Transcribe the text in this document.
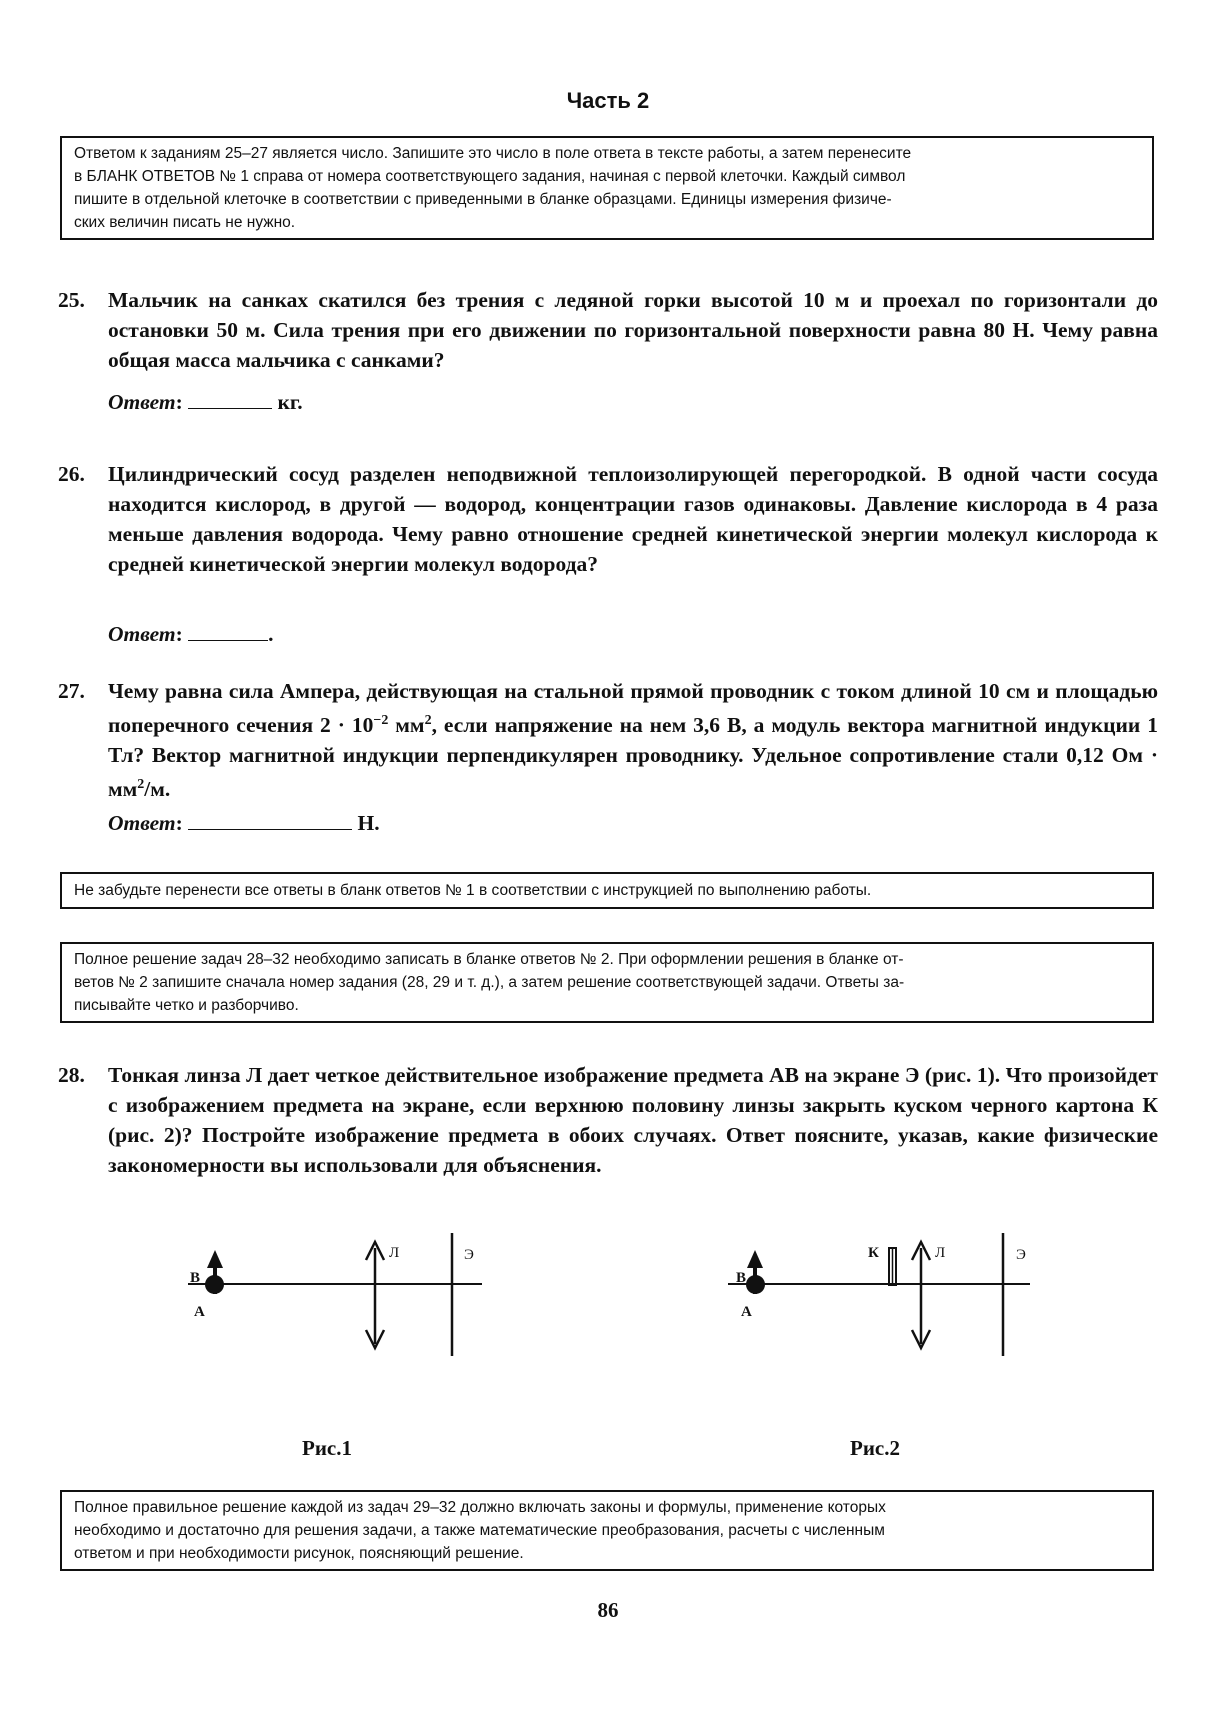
Часть 2
Ответом к заданиям 25–27 является число. Запишите это число в поле ответа в тексте работы, а затем перенесите
в БЛАНК ОТВЕТОВ № 1 справа от номера соответствующего задания, начиная с первой клеточки. Каждый символ
пишите в отдельной клеточке в соответствии с приведенными в бланке образцами. Единицы измерения физиче-
ских величин писать не нужно.
25. Мальчик на санках скатился без трения с ледяной горки высотой 10 м и проехал по горизонтали до остановки 50 м. Сила трения при его движении по горизонтальной поверхности равна 80 Н. Чему равна общая масса мальчика с санками?
Ответ:	кг.
26. Цилиндрический сосуд разделен неподвижной теплоизолирующей перегородкой. В одной части сосуда находится кислород, в другой — водород, концентрации газов одинаковы. Давление кислорода в 4 раза меньше давления водорода. Чему равно отношение средней кинетической энергии молекул кислорода к средней кинетической энергии молекул водорода?
Ответ:	.
27. Чему равна сила Ампера, действующая на стальной прямой проводник с током длиной 10 см и площадью поперечного сечения $2 \cdot 10^{-2}$ $мм^2$, если напряжение на нем 3,6 В, а модуль вектора магнитной индукции 1 Тл? Вектор магнитной индукции перпендикулярен проводнику. Удельное сопротивление стали 0,12 Ом · $мм^2/м$.
Ответ:	Н.
Не забудьте перенести все ответы в бланк ответов № 1 в соответствии с инструкцией по выполнению работы.
Полное решение задач 28–32 необходимо записать в бланке ответов № 2. При оформлении решения в бланке от-
ветов № 2 запишите сначала номер задания (28, 29 и т. д.), а затем решение соответствующей задачи. Ответы за-
писывайте четко и разборчиво.
28. Тонкая линза Л дает четкое действительное изображение предмета АВ на экране Э (рис. 1). Что произойдет с изображением предмета на экране, если верхнюю половину линзы закрыть куском черного картона К (рис. 2)? Постройте изображение предмета в обоих случаях. Ответ поясните, указав, какие физические закономерности вы использовали для объяснения.
В
А
Л	Э
В
А
К	Л	Э
Рис.1	Рис.2
Полное правильное решение каждой из задач 29–32 должно включать законы и формулы, применение которых
необходимо и достаточно для решения задачи, а также математические преобразования, расчеты с численным
ответом и при необходимости рисунок, поясняющий решение.
86
